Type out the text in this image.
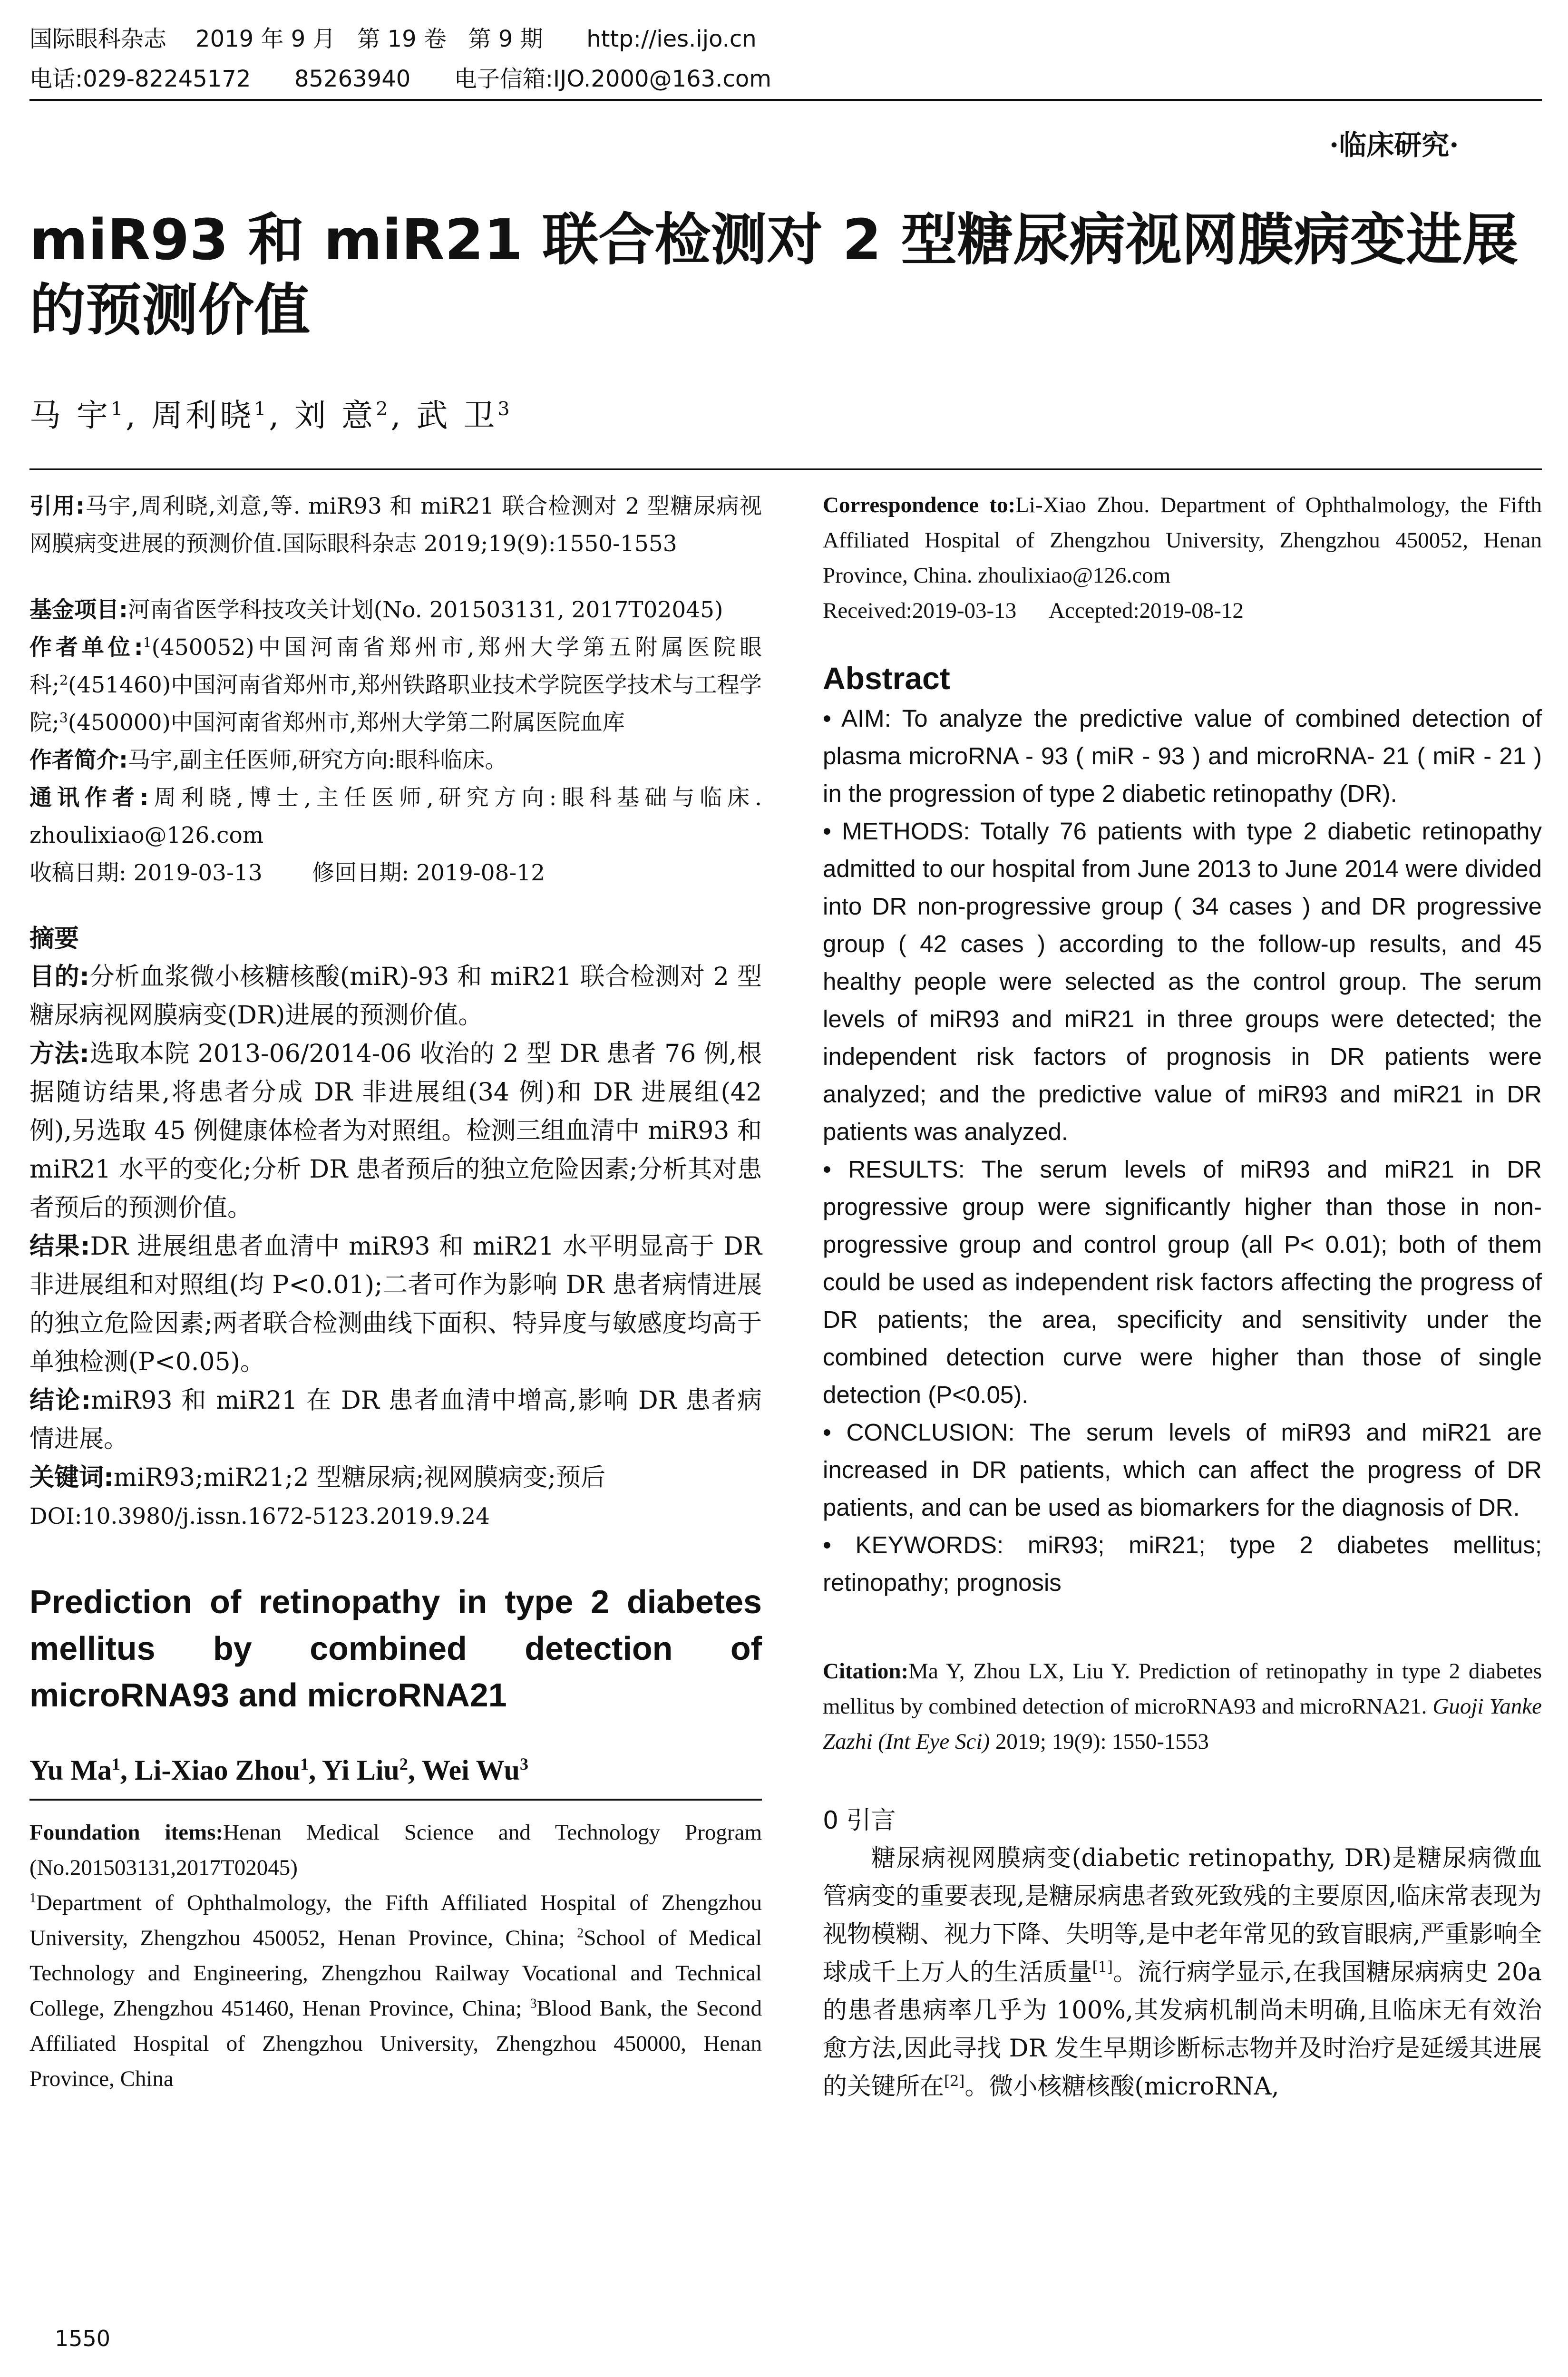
国际眼科杂志    2019 年 9 月   第 19 卷   第 9 期      http://ies.ijo.cn
电话:029-82245172      85263940      电子信箱:IJO.2000@163.com
·临床研究·
miR93 和 miR21 联合检测对 2 型糖尿病视网膜病变进展的预测价值
马 宇$^1$, 周利晓$^1$, 刘 意$^2$, 武 卫$^3$

引用:马宇,周利晓,刘意,等. miR93 和 miR21 联合检测对 2 型糖尿病视网膜病变进展的预测价值.国际眼科杂志 2019;19(9):1550-1553

基金项目:河南省医学科技攻关计划(No. 201503131, 2017T02045)

作者单位:$^1$(450052)中国河南省郑州市,郑州大学第五附属医院眼科;$^2$(451460)中国河南省郑州市,郑州铁路职业技术学院医学技术与工程学院;$^3$(450000)中国河南省郑州市,郑州大学第二附属医院血库

作者简介:马宇,副主任医师,研究方向:眼科临床。

通讯作者:周利晓,博士,主任医师,研究方向:眼科基础与临床. zhoulixiao@126.com

收稿日期: 2019-03-13       修回日期: 2019-08-12

摘要

目的:分析血浆微小核糖核酸(miR)-93 和 miR21 联合检测对 2 型糖尿病视网膜病变(DR)进展的预测价值。

方法:选取本院 2013-06/2014-06 收治的 2 型 DR 患者 76 例,根据随访结果,将患者分成 DR 非进展组(34 例)和 DR 进展组(42 例),另选取 45 例健康体检者为对照组。检测三组血清中 miR93 和 miR21 水平的变化;分析 DR 患者预后的独立危险因素;分析其对患者预后的预测价值。

结果:DR 进展组患者血清中 miR93 和 miR21 水平明显高于 DR 非进展组和对照组(均 P<0.01);二者可作为影响 DR 患者病情进展的独立危险因素;两者联合检测曲线下面积、特异度与敏感度均高于单独检测(P<0.05)。

结论:miR93 和 miR21 在 DR 患者血清中增高,影响 DR 患者病情进展。

关键词:miR93;miR21;2 型糖尿病;视网膜病变;预后

DOI:10.3980/j.issn.1672-5123.2019.9.24

Prediction of retinopathy in type 2 diabetes mellitus by combined detection of microRNA93 and microRNA21

Yu Ma$^1$, Li-Xiao Zhou$^1$, Yi Liu$^2$, Wei Wu$^3$

Foundation items:Henan Medical Science and Technology Program (No.201503131,2017T02045)

$^1$Department of Ophthalmology, the Fifth Affiliated Hospital of Zhengzhou University, Zhengzhou 450052, Henan Province, China; $^2$School of Medical Technology and Engineering, Zhengzhou Railway Vocational and Technical College, Zhengzhou 451460, Henan Province, China; $^3$Blood Bank, the Second Affiliated Hospital of Zhengzhou University, Zhengzhou 450000, Henan Province, China

Correspondence to:Li-Xiao Zhou. Department of Ophthalmology, the Fifth Affiliated Hospital of Zhengzhou University, Zhengzhou 450052, Henan Province, China. zhoulixiao@126.com

Received:2019-03-13      Accepted:2019-08-12

Abstract

• AIM: To analyze the predictive value of combined detection of plasma microRNA - 93 ( miR - 93 ) and microRNA- 21 ( miR - 21 ) in the progression of type 2 diabetic retinopathy (DR).

• METHODS: Totally 76 patients with type 2 diabetic retinopathy admitted to our hospital from June 2013 to June 2014 were divided into DR non-progressive group ( 34 cases ) and DR progressive group ( 42 cases ) according to the follow-up results, and 45 healthy people were selected as the control group. The serum levels of miR93 and miR21 in three groups were detected; the independent risk factors of prognosis in DR patients were analyzed; and the predictive value of miR93 and miR21 in DR patients was analyzed.

• RESULTS: The serum levels of miR93 and miR21 in DR progressive group were significantly higher than those in non-progressive group and control group (all P< 0.01); both of them could be used as independent risk factors affecting the progress of DR patients; the area, specificity and sensitivity under the combined detection curve were higher than those of single detection (P<0.05).

• CONCLUSION: The serum levels of miR93 and miR21 are increased in DR patients, which can affect the progress of DR patients, and can be used as biomarkers for the diagnosis of DR.

• KEYWORDS: miR93; miR21; type 2 diabetes mellitus; retinopathy; prognosis

Citation:Ma Y, Zhou LX, Liu Y. Prediction of retinopathy in type 2 diabetes mellitus by combined detection of microRNA93 and microRNA21. Guoji Yanke Zazhi (Int Eye Sci) 2019; 19(9): 1550-1553

0 引言

糖尿病视网膜病变(diabetic retinopathy, DR)是糖尿病微血管病变的重要表现,是糖尿病患者致死致残的主要原因,临床常表现为视物模糊、视力下降、失明等,是中老年常见的致盲眼病,严重影响全球成千上万人的生活质量[1]。流行病学显示,在我国糖尿病病史 20a 的患者患病率几乎为 100%,其发病机制尚未明确,且临床无有效治愈方法,因此寻找 DR 发生早期诊断标志物并及时治疗是延缓其进展的关键所在[2]。微小核糖核酸(microRNA,

1550
